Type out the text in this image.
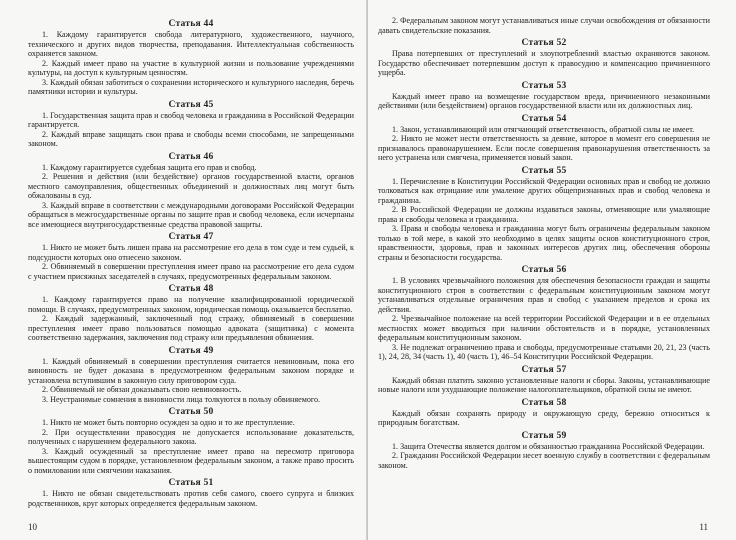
Статья 44

1. Каждому гарантируется свобода литературного, художественного, научного, технического и других видов творчества, преподавания. Интеллектуальная собственность охраняется законом.

2. Каждый имеет право на участие в культурной жизни и пользование учреждениями культуры, на доступ к культурным ценностям.

3. Каждый обязан заботиться о сохранении исторического и культурного наследия, беречь памятники истории и культуры.

Статья 45

1. Государственная защита прав и свобод человека и гражданина в Российской Федерации гарантируется.

2. Каждый вправе защищать свои права и свободы всеми способами, не запрещенными законом.

Статья 46

1. Каждому гарантируется судебная защита его прав и свобод.

2. Решения и действия (или бездействие) органов государственной власти, органов местного самоуправления, общественных объединений и должностных лиц могут быть обжалованы в суд.

3. Каждый вправе в соответствии с международными договорами Российской Федерации обращаться в межгосударственные органы по защите прав и свобод человека, если исчерпаны все имеющиеся внутригосударственные средства правовой защиты.

Статья 47

1. Никто не может быть лишен права на рассмотрение его дела в том суде и тем судьей, к подсудности которых оно отнесено законом.

2. Обвиняемый в совершении преступления имеет право на рассмотрение его дела судом с участием присяжных заседателей в случаях, предусмотренных федеральным законом.

Статья 48

1. Каждому гарантируется право на получение квалифицированной юридической помощи. В случаях, предусмотренных законом, юридическая помощь оказывается бесплатно.

2. Каждый задержанный, заключенный под стражу, обвиняемый в совершении преступления имеет право пользоваться помощью адвоката (защитника) с момента соответственно задержания, заключения под стражу или предъявления обвинения.

Статья 49

1. Каждый обвиняемый в совершении преступления считается невиновным, пока его виновность не будет доказана в предусмотренном федеральным законом порядке и установлена вступившим в законную силу приговором суда.

2. Обвиняемый не обязан доказывать свою невиновность.

3. Неустранимые сомнения в виновности лица толкуются в пользу обвиняемого.

Статья 50

1. Никто не может быть повторно осужден за одно и то же преступление.

2. При осуществлении правосудия не допускается использование доказательств, полученных с нарушением федерального закона.

3. Каждый осужденный за преступление имеет право на пересмотр приговора вышестоящим судом в порядке, установленном федеральным законом, а также право просить о помиловании или смягчении наказания.

Статья 51

1. Никто не обязан свидетельствовать против себя самого, своего супруга и близких родственников, круг которых определяется федеральным законом.

10

2. Федеральным законом могут устанавливаться иные случаи освобождения от обязанности давать свидетельские показания.

Статья 52

Права потерпевших от преступлений и злоупотреблений властью охраняются законом. Государство обеспечивает потерпевшим доступ к правосудию и компенсацию причиненного ущерба.

Статья 53

Каждый имеет право на возмещение государством вреда, причиненного незаконными действиями (или бездействием) органов государственной власти или их должностных лиц.

Статья 54

1. Закон, устанавливающий или отягчающий ответственность, обратной силы не имеет.

2. Никто не может нести ответственность за деяние, которое в момент его совершения не признавалось правонарушением. Если после совершения правонарушения ответственность за него устранена или смягчена, применяется новый закон.

Статья 55

1. Перечисление в Конституции Российской Федерации основных прав и свобод не должно толковаться как отрицание или умаление других общепризнанных прав и свобод человека и гражданина.

2. В Российской Федерации не должны издаваться законы, отменяющие или умаляющие права и свободы человека и гражданина.

3. Права и свободы человека и гражданина могут быть ограничены федеральным законом только в той мере, в какой это необходимо в целях защиты основ конституционного строя, нравственности, здоровья, прав и законных интересов других лиц, обеспечения обороны страны и безопасности государства.

Статья 56

1. В условиях чрезвычайного положения для обеспечения безопасности граждан и защиты конституционного строя в соответствии с федеральным конституционным законом могут устанавливаться отдельные ограничения прав и свобод с указанием пределов и срока их действия.

2. Чрезвычайное положение на всей территории Российской Федерации и в ее отдельных местностях может вводиться при наличии обстоятельств и в порядке, установленных федеральным конституционным законом.

3. Не подлежат ограничению права и свободы, предусмотренные статьями 20, 21, 23 (часть 1), 24, 28, 34 (часть 1), 40 (часть 1), 46–54 Конституции Российской Федерации.

Статья 57

Каждый обязан платить законно установленные налоги и сборы. Законы, устанавливающие новые налоги или ухудшающие положение налогоплательщиков, обратной силы не имеют.

Статья 58

Каждый обязан сохранять природу и окружающую среду, бережно относиться к природным богатствам.

Статья 59

1. Защита Отечества является долгом и обязанностью гражданина Российской Федерации.

2. Гражданин Российской Федерации несет военную службу в соответствии с федеральным законом.

11
